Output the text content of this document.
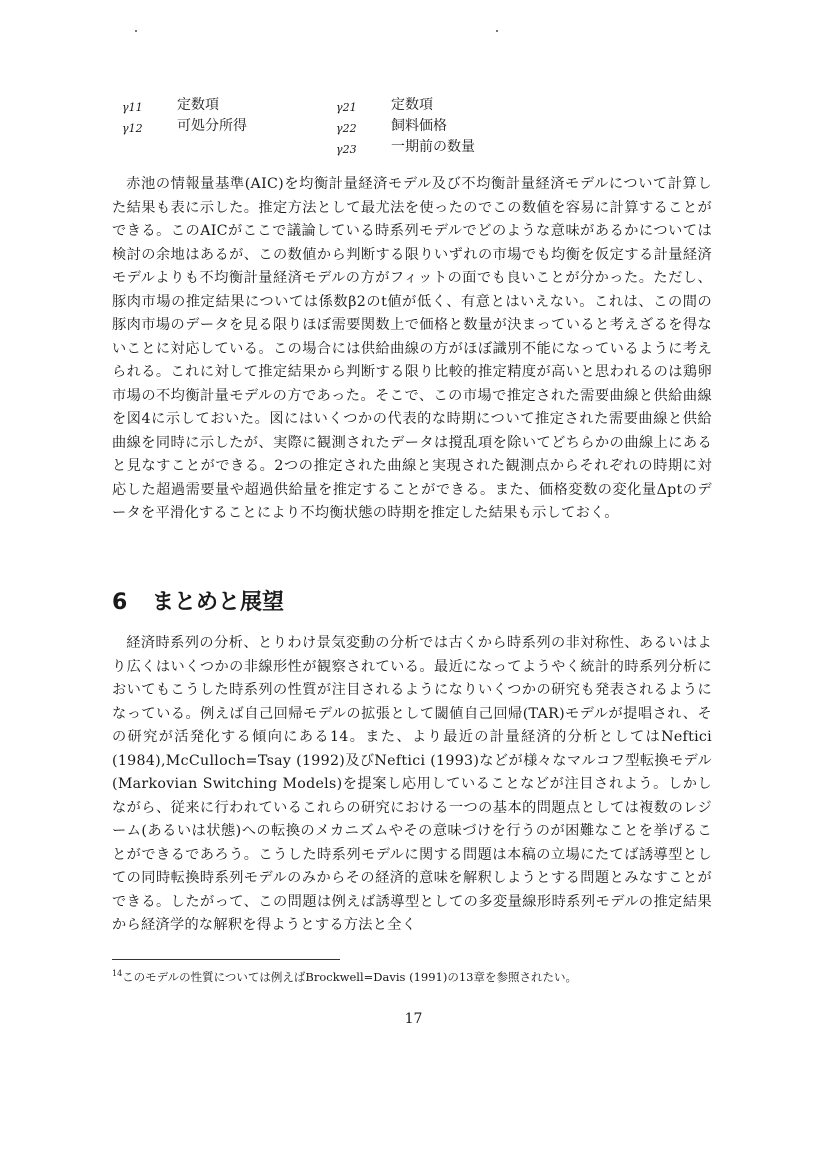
γ11	定数項
γ12	可処分所得
γ21	定数項
γ22	飼料価格
γ23	一期前の数量

赤池の情報量基準(AIC)を均衡計量経済モデル及び不均衡計量経済モデルについて計算した結果も表に示した。推定方法として最尤法を使ったのでこの数値を容易に計算することができる。このAICがここで議論している時系列モデルでどのような意味があるかについては検討の余地はあるが、この数値から判断する限りいずれの市場でも均衡を仮定する計量経済モデルよりも不均衡計量経済モデルの方がフィットの面でも良いことが分かった。ただし、豚肉市場の推定結果については係数β2のt値が低く、有意とはいえない。これは、この間の豚肉市場のデータを見る限りほぼ需要関数上で価格と数量が決まっていると考えざるを得ないことに対応している。この場合には供給曲線の方がほぼ識別不能になっているように考えられる。これに対して推定結果から判断する限り比較的推定精度が高いと思われるのは鶏卵市場の不均衡計量モデルの方であった。そこで、この市場で推定された需要曲線と供給曲線を図4に示しておいた。図にはいくつかの代表的な時期について推定された需要曲線と供給曲線を同時に示したが、実際に観測されたデータは撹乱項を除いてどちらかの曲線上にあると見なすことができる。2つの推定された曲線と実現された観測点からそれぞれの時期に対応した超過需要量や超過供給量を推定することができる。また、価格変数の変化量Δptのデータを平滑化することにより不均衡状態の時期を推定した結果も示しておく。

6 まとめと展望

経済時系列の分析、とりわけ景気変動の分析では古くから時系列の非対称性、あるいはより広くはいくつかの非線形性が観察されている。最近になってようやく統計的時系列分析においてもこうした時系列の性質が注目されるようになりいくつかの研究も発表されるようになっている。例えば自己回帰モデルの拡張として閾値自己回帰(TAR)モデルが提唱され、その研究が活発化する傾向にある14。また、より最近の計量経済的分析としてはNeftici (1984),McCulloch=Tsay (1992)及びNeftici (1993)などが様々なマルコフ型転換モデル(Markovian Switching Models)を提案し応用していることなどが注目されよう。しかしながら、従来に行われているこれらの研究における一つの基本的問題点としては複数のレジーム(あるいは状態)への転換のメカニズムやその意味づけを行うのが困難なことを挙げることができるであろう。こうした時系列モデルに関する問題は本稿の立場にたてば誘導型としての同時転換時系列モデルのみからその経済的意味を解釈しようとする問題とみなすことができる。したがって、この問題は例えば誘導型としての多変量線形時系列モデルの推定結果から経済学的な解釈を得ようとする方法と全く

$^{14}$このモデルの性質については例えばBrockwell=Davis (1991)の13章を参照されたい。

17
